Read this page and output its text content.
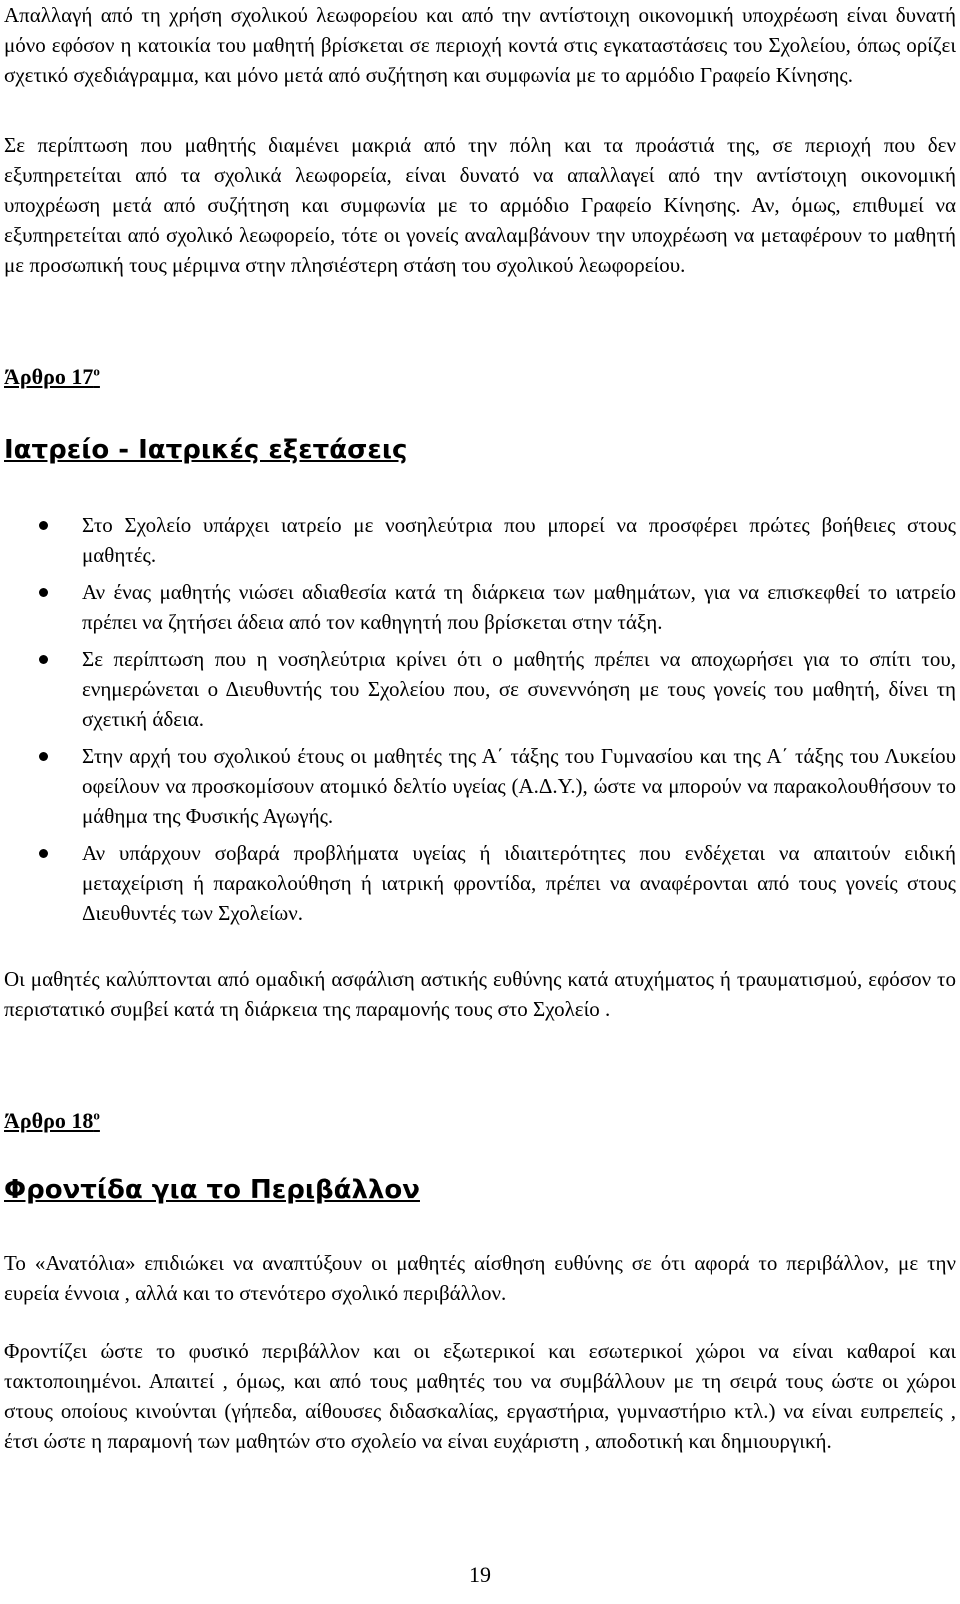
Απαλλαγή από τη χρήση σχολικού λεωφορείου και από την αντίστοιχη οικονομική υποχρέωση είναι δυνατή μόνο εφόσον η κατοικία του μαθητή βρίσκεται σε περιοχή κοντά στις εγκαταστάσεις του Σχολείου, όπως ορίζει σχετικό σχεδιάγραμμα, και μόνο μετά από συζήτηση και συμφωνία με το αρμόδιο Γραφείο Κίνησης.

Σε περίπτωση που μαθητής διαμένει μακριά από την πόλη και τα προάστιά της, σε περιοχή που δεν εξυπηρετείται από τα σχολικά λεωφορεία, είναι δυνατό να απαλλαγεί από την αντίστοιχη οικονομική υποχρέωση μετά από συζήτηση και συμφωνία με το αρμόδιο Γραφείο Κίνησης. Αν, όμως, επιθυμεί να εξυπηρετείται από σχολικό λεωφορείο, τότε οι γονείς αναλαμβάνουν την υποχρέωση να μεταφέρουν το μαθητή με προσωπική τους μέριμνα στην πλησιέστερη στάση του σχολικού λεωφορείου.

Άρθρο $17^o$

Ιατρείο - Ιατρικές εξετάσεις

Στο Σχολείο υπάρχει ιατρείο με νοσηλεύτρια που μπορεί να προσφέρει πρώτες βοήθειες στους μαθητές.
Αν ένας μαθητής νιώσει αδιαθεσία κατά τη διάρκεια των μαθημάτων, για να επισκεφθεί το ιατρείο πρέπει να ζητήσει άδεια από τον καθηγητή που βρίσκεται στην τάξη.
Σε περίπτωση που η νοσηλεύτρια κρίνει ότι ο μαθητής πρέπει να αποχωρήσει για το σπίτι του, ενημερώνεται ο Διευθυντής του Σχολείου που, σε συνεννόηση με τους γονείς του μαθητή, δίνει τη σχετική άδεια.
Στην αρχή του σχολικού έτους οι μαθητές της Α΄ τάξης του Γυμνασίου και της Α΄ τάξης του Λυκείου οφείλουν να προσκομίσουν ατομικό δελτίο υγείας (Α.Δ.Υ.), ώστε να μπορούν να παρακολουθήσουν το μάθημα της Φυσικής Αγωγής.
Αν υπάρχουν σοβαρά προβλήματα υγείας ή ιδιαιτερότητες που ενδέχεται να απαιτούν ειδική μεταχείριση ή παρακολούθηση ή ιατρική φροντίδα, πρέπει να αναφέρονται από τους γονείς στους Διευθυντές των Σχολείων.

Οι μαθητές καλύπτονται από ομαδική ασφάλιση αστικής ευθύνης κατά ατυχήματος ή τραυματισμού, εφόσον το περιστατικό συμβεί κατά τη διάρκεια της παραμονής τους στο Σχολείο .

Άρθρο $18^o$

Φροντίδα για το Περιβάλλον

Το «Ανατόλια» επιδιώκει να αναπτύξουν οι μαθητές αίσθηση ευθύνης σε ότι αφορά το περιβάλλον, με την ευρεία έννοια , αλλά και το στενότερο σχολικό περιβάλλον.

Φροντίζει ώστε το φυσικό περιβάλλον και οι εξωτερικοί και εσωτερικοί χώροι να είναι καθαροί και τακτοποιημένοι. Απαιτεί , όμως, και από τους μαθητές του να συμβάλλουν με τη σειρά τους ώστε οι χώροι στους οποίους κινούνται (γήπεδα, αίθουσες διδασκαλίας, εργαστήρια, γυμναστήριο κτλ.) να είναι ευπρεπείς , έτσι ώστε η παραμονή των μαθητών στο σχολείο να είναι ευχάριστη , αποδοτική και δημιουργική.

19
